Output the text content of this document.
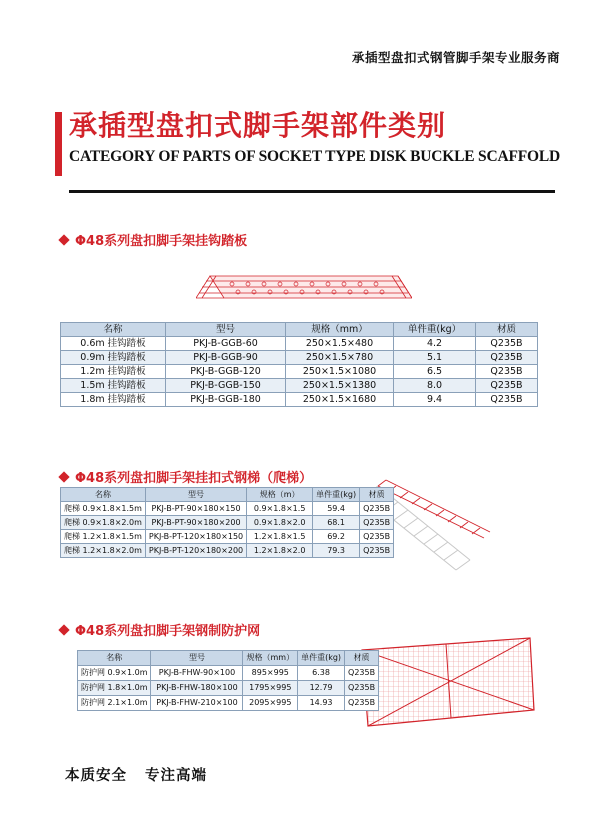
承插型盘扣式钢管脚手架专业服务商
承插型盘扣式脚手架部件类别
CATEGORY OF PARTS OF SOCKET TYPE DISK BUCKLE SCAFFOLD
Φ48系列盘扣脚手架挂钩踏板
名称	型号	规格（mm）	单件重(kg）	材质
0.6m 挂钩踏板	PKJ-B-GGB-60	250×1.5×480	4.2	Q235B
0.9m 挂钩踏板	PKJ-B-GGB-90	250×1.5×780	5.1	Q235B
1.2m 挂钩踏板	PKJ-B-GGB-120	250×1.5×1080	6.5	Q235B
1.5m 挂钩踏板	PKJ-B-GGB-150	250×1.5×1380	8.0	Q235B
1.8m 挂钩踏板	PKJ-B-GGB-180	250×1.5×1680	9.4	Q235B
Φ48系列盘扣脚手架挂扣式钢梯（爬梯）
名称	型号	规格（m）	单件重(kg)	材质
爬梯 0.9×1.8×1.5m	PKJ-B-PT-90×180×150	0.9×1.8×1.5	59.4	Q235B
爬梯 0.9×1.8×2.0m	PKJ-B-PT-90×180×200	0.9×1.8×2.0	68.1	Q235B
爬梯 1.2×1.8×1.5m	PKJ-B-PT-120×180×150	1.2×1.8×1.5	69.2	Q235B
爬梯 1.2×1.8×2.0m	PKJ-B-PT-120×180×200	1.2×1.8×2.0	79.3	Q235B
Φ48系列盘扣脚手架钢制防护网
名称	型号	规格（mm）	单件重(kg)	材质
防护网 0.9×1.0m	PKJ-B-FHW-90×100	895×995	6.38	Q235B
防护网 1.8×1.0m	PKJ-B-FHW-180×100	1795×995	12.79	Q235B
防护网 2.1×1.0m	PKJ-B-FHW-210×100	2095×995	14.93	Q235B
本质安全 专注高端
